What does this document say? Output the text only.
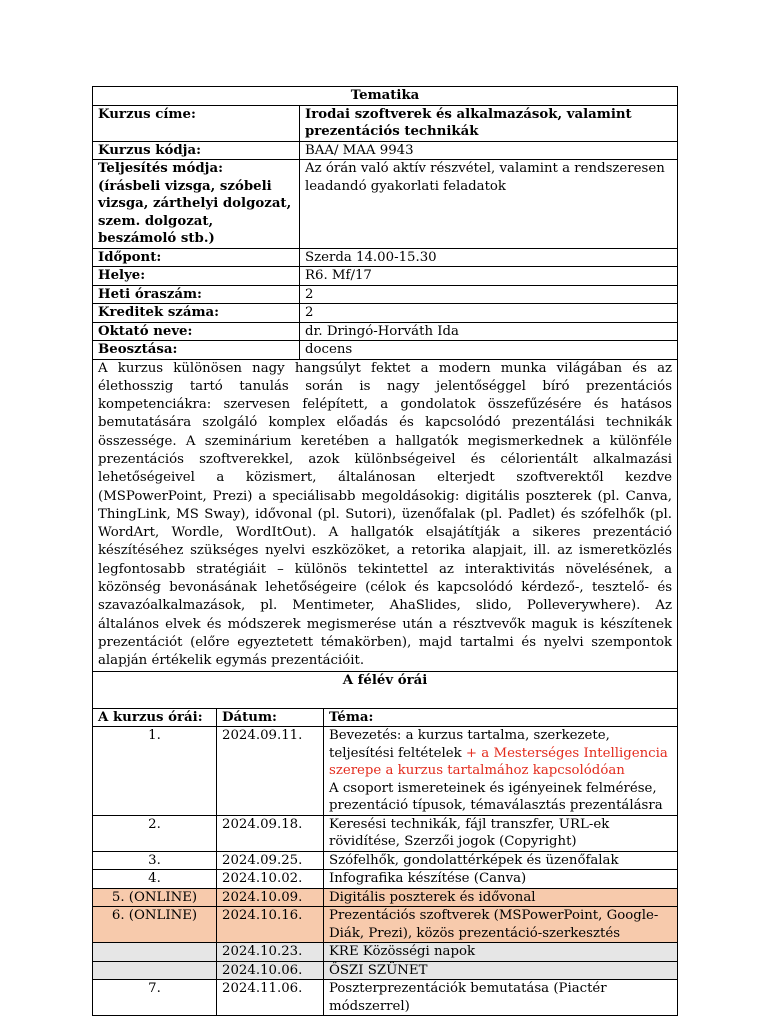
Tematika	
Kurzus címe:	Irodai szoftverek és alkalmazások, valamint prezentációs technikák
Kurzus kódja:	BAA/ MAA 9943
Teljesítés módja:
(írásbeli vizsga, szóbeli vizsga, zárthelyi dolgozat, szem. dolgozat, beszámoló stb.)	Az órán való aktív részvétel, valamint a rendszeresen leadandó gyakorlati feladatok
Időpont:	Szerda 14.00-15.30
Helye:	R6. Mf/17
Heti óraszám:	2
Kreditek száma:	2
Oktató neve:	dr. Dringó-Horváth Ida
Beosztása:	docens
A kurzus különösen nagy hangsúlyt fektet a modern munka világában és az élethosszig tartó tanulás során is nagy jelentőséggel bíró prezentációs kompetenciákra: szervesen felépített, a gondolatok összefűzésére és hatásos bemutatására szolgáló komplex előadás és kapcsolódó prezentálási technikák összessége. A szeminárium keretében a hallgatók megismerkednek a különféle prezentációs szoftverekkel, azok különbségeivel és célorientált alkalmazási lehetőségeivel a közismert, általánosan elterjedt szoftverektől kezdve (MSPowerPoint, Prezi) a speciálisabb megoldásokig: digitális poszterek (pl. Canva, ThingLink, MS Sway), idővonal (pl. Sutori), üzenőfalak (pl. Padlet) és szófelhők (pl. WordArt, Wordle, WordItOut). A hallgatók elsajátítják a sikeres prezentáció készítéséhez szükséges nyelvi eszközöket, a retorika alapjait, ill. az ismeretközlés legfontosabb stratégiáit – különös tekintettel az interaktivitás növelésének, a közönség bevonásának lehetőségeire (célok és kapcsolódó kérdező-, tesztelő- és szavazóalkalmazások, pl. Mentimeter, AhaSlides, slido, Polleverywhere). Az általános elvek és módszerek megismerése után a résztvevők maguk is készítenek prezentációt (előre egyeztetett témakörben), majd tartalmi és nyelvi szempontok alapján értékelik egymás prezentációit.	
A félév órái		
A kurzus órái:	Dátum:	Téma:
1.	2024.09.11.	Bevezetés: a kurzus tartalma, szerkezete, teljesítési feltételek + a Mesterséges Intelligencia szerepe a kurzus tartalmához kapcsolódóan
A csoport ismereteinek és igényeinek felmérése, prezentáció típusok, témaválasztás prezentálásra
2.	2024.09.18.	Keresési technikák, fájl transzfer, URL-ek rövidítése, Szerzői jogok (Copyright)
3.	2024.09.25.	Szófelhők, gondolattérképek és üzenőfalak
4.	2024.10.02.	Infografika készítése (Canva)
5. (ONLINE)	2024.10.09.	Digitális poszterek és idővonal
6. (ONLINE)	2024.10.16.	Prezentációs szoftverek (MSPowerPoint, Google-Diák, Prezi), közös prezentáció-szerkesztés
	2024.10.23.	KRE Közösségi napok
	2024.10.06.	ŐSZI SZÜNET
7.	2024.11.06.	Poszterprezentációk bemutatása (Piactér módszerrel)
